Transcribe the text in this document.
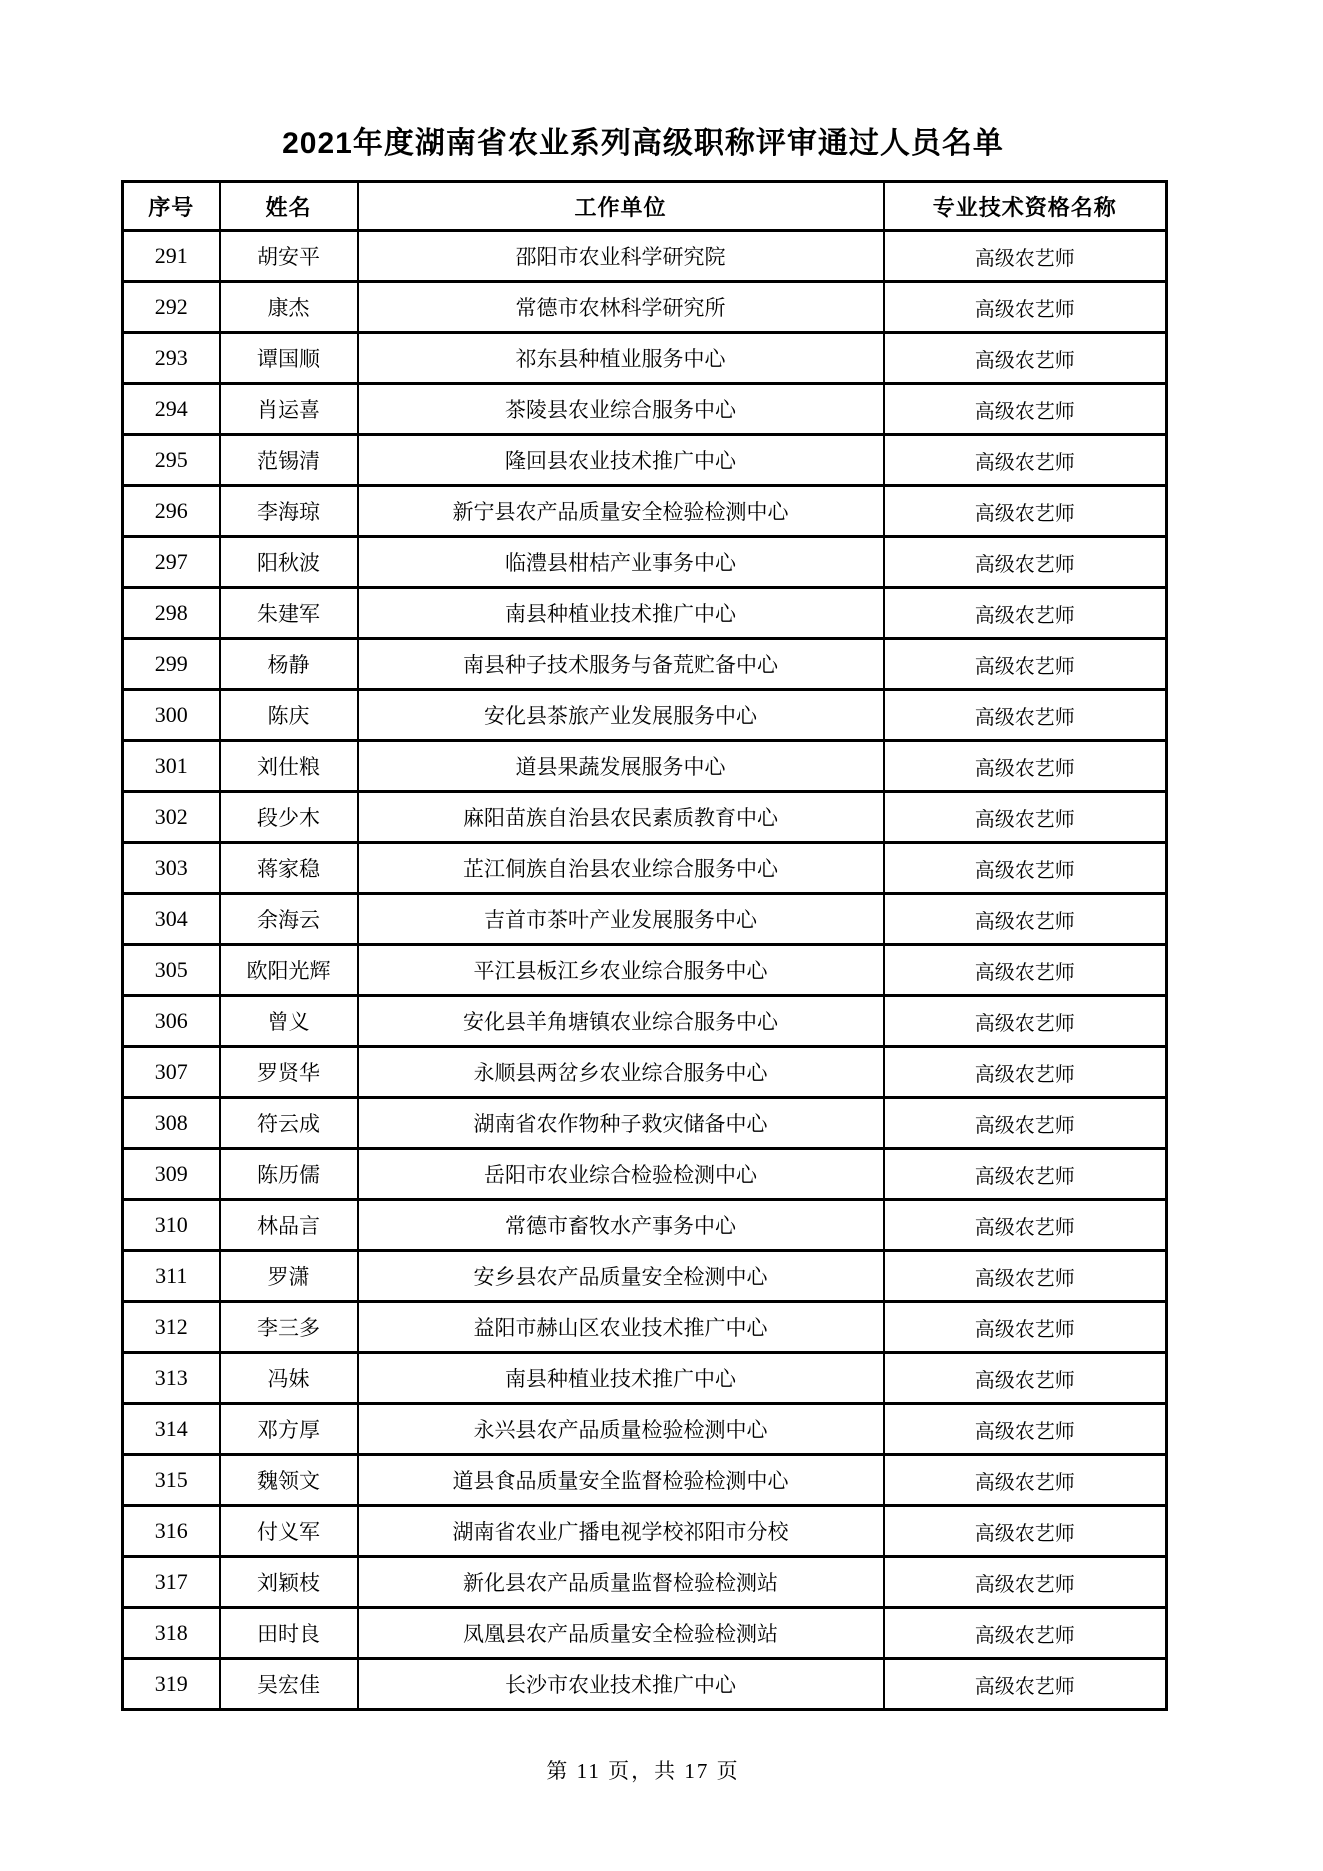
2021年度湖南省农业系列高级职称评审通过人员名单
序号	姓名	工作单位	专业技术资格名称
291	胡安平	邵阳市农业科学研究院	高级农艺师
292	康杰	常德市农林科学研究所	高级农艺师
293	谭国顺	祁东县种植业服务中心	高级农艺师
294	肖运喜	茶陵县农业综合服务中心	高级农艺师
295	范锡清	隆回县农业技术推广中心	高级农艺师
296	李海琼	新宁县农产品质量安全检验检测中心	高级农艺师
297	阳秋波	临澧县柑桔产业事务中心	高级农艺师
298	朱建军	南县种植业技术推广中心	高级农艺师
299	杨静	南县种子技术服务与备荒贮备中心	高级农艺师
300	陈庆	安化县茶旅产业发展服务中心	高级农艺师
301	刘仕粮	道县果蔬发展服务中心	高级农艺师
302	段少木	麻阳苗族自治县农民素质教育中心	高级农艺师
303	蒋家稳	芷江侗族自治县农业综合服务中心	高级农艺师
304	余海云	吉首市茶叶产业发展服务中心	高级农艺师
305	欧阳光辉	平江县板江乡农业综合服务中心	高级农艺师
306	曾义	安化县羊角塘镇农业综合服务中心	高级农艺师
307	罗贤华	永顺县两岔乡农业综合服务中心	高级农艺师
308	符云成	湖南省农作物种子救灾储备中心	高级农艺师
309	陈历儒	岳阳市农业综合检验检测中心	高级农艺师
310	林品言	常德市畜牧水产事务中心	高级农艺师
311	罗潇	安乡县农产品质量安全检测中心	高级农艺师
312	李三多	益阳市赫山区农业技术推广中心	高级农艺师
313	冯妹	南县种植业技术推广中心	高级农艺师
314	邓方厚	永兴县农产品质量检验检测中心	高级农艺师
315	魏领文	道县食品质量安全监督检验检测中心	高级农艺师
316	付义军	湖南省农业广播电视学校祁阳市分校	高级农艺师
317	刘颖枝	新化县农产品质量监督检验检测站	高级农艺师
318	田时良	凤凰县农产品质量安全检验检测站	高级农艺师
319	吴宏佳	长沙市农业技术推广中心	高级农艺师
第 11 页，共 17 页
